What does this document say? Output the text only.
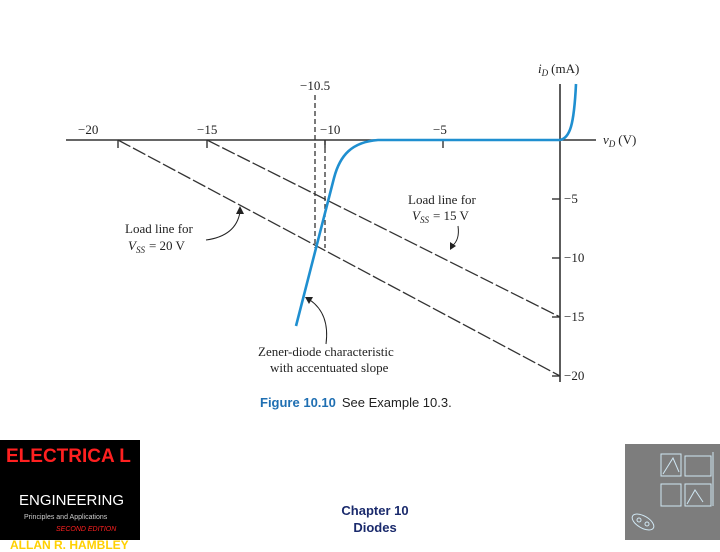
−20	−15	−10	−5
−5
−10
−15
−20
$i_D$ (mA)
$v_D$ (V)
−10.5
Load line for
$V_{SS} = 15$ V
Load line for
$V_{SS} = 20$ V
Zener-diode characteristic
with accentuated slope
Figure 10.10 See Example 10.3.
ELECTRICA L
ENGINEERING
Principles and Applications
SECOND EDITION
ALLAN R. HAMBLEY
Chapter 10
Diodes
